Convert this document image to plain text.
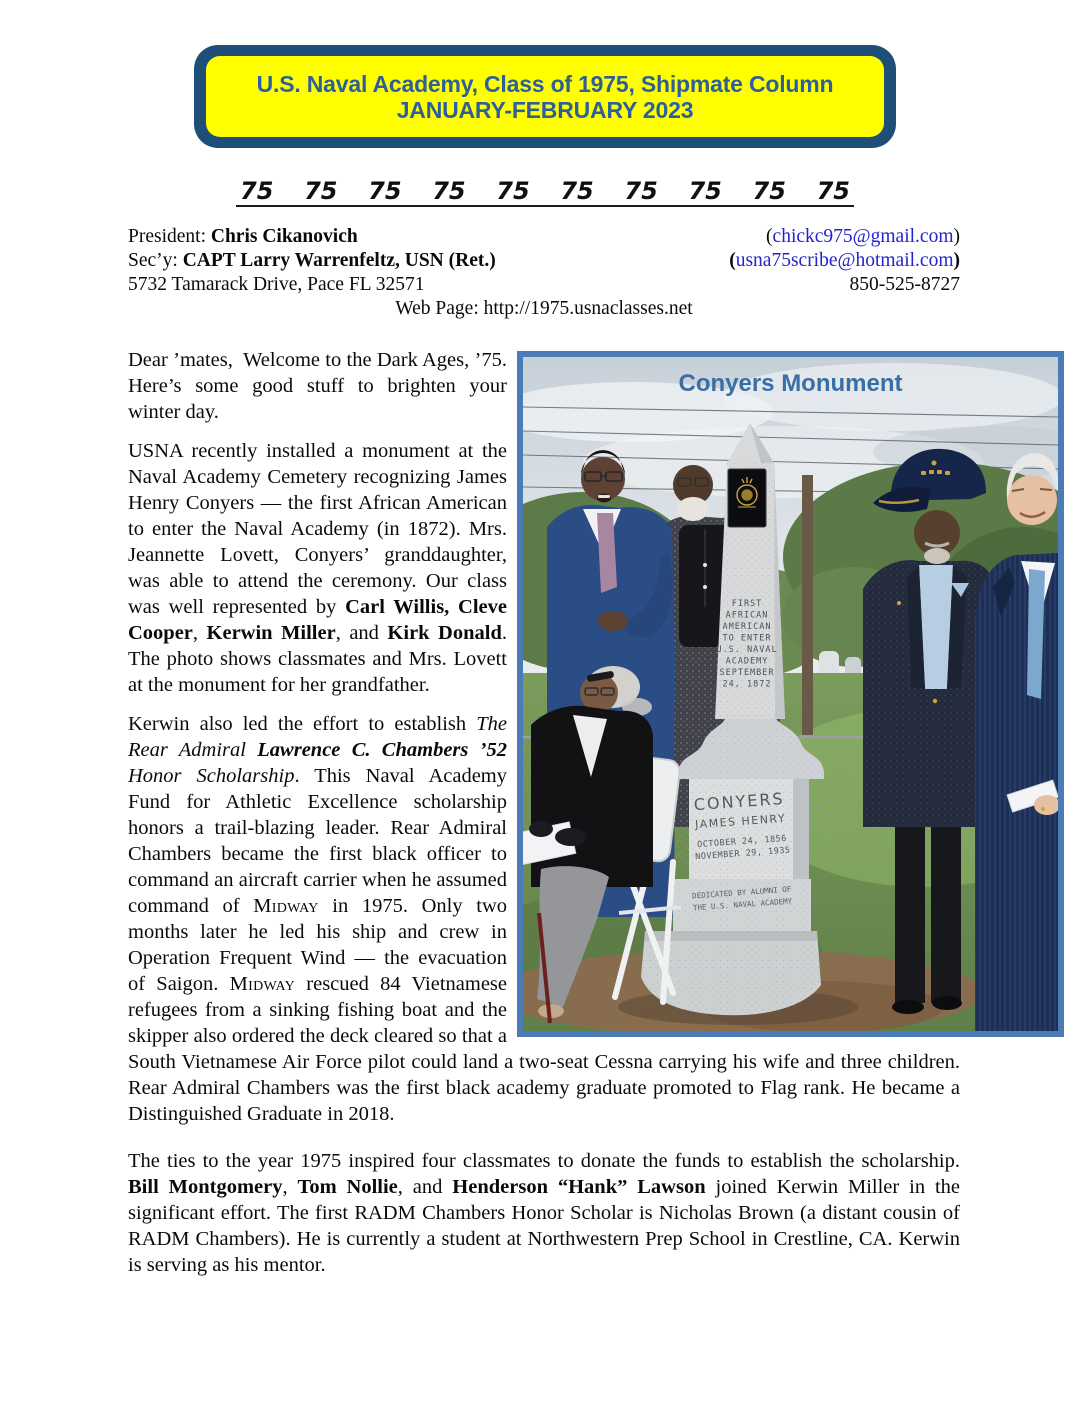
U.S. Naval Academy, Class of 1975, Shipmate Column
JANUARY-FEBRUARY 2023
75 75 75 75 75 75 75 75 75 75
President: Chris Cikanovich	(chickc975@gmail.com)
Sec’y: CAPT Larry Warrenfeltz, USN (Ret.)	(usna75scribe@hotmail.com)
5732 Tamarack Drive, Pace FL 32571	850-525-8727
Web Page: http://1975.usnaclasses.net
Conyers Monument
FIRST
AFRICAN
AMERICAN
TO ENTER
U.S. NAVAL
ACADEMY
SEPTEMBER
24, 1872
CONYERS
JAMES HENRY
OCTOBER 24, 1856
NOVEMBER 29, 1935
DEDICATED BY ALUMNI OF
THE U.S. NAVAL ACADEMY

Dear ’mates,  Welcome to the Dark Ages, ’75. Here’s some good stuff to brighten your winter day.

USNA recently installed a monument at the Naval Academy Cemetery recognizing James Henry Conyers — the first African American to enter the Naval Academy (in 1872). Mrs. Jeannette Lovett, Conyers’ granddaughter, was able to attend the ceremony. Our class was well represented by Carl Willis, Cleve Cooper, Kerwin Miller, and Kirk Donald. The photo shows classmates and Mrs. Lovett at the monument for her grandfather.

Kerwin also led the effort to establish The Rear Admiral Lawrence C. Chambers ’52 Honor Scholarship. This Naval Academy Fund for Athletic Excellence scholarship honors a trail-blazing leader. Rear Admiral Chambers became the first black officer to command an aircraft carrier when he assumed command of Midway in 1975. Only two months later he led his ship and crew in Operation Frequent Wind — the evacuation of Saigon. Midway rescued 84 Vietnamese refugees from a sinking fishing boat and the skipper also ordered the deck cleared so that a South Vietnamese Air Force pilot could land a two-seat Cessna carrying his wife and three children. Rear Admiral Chambers was the first black academy graduate promoted to Flag rank. He became a Distinguished Graduate in 2018.

The ties to the year 1975 inspired four classmates to donate the funds to establish the scholarship. Bill Montgomery, Tom Nollie, and Henderson “Hank” Lawson joined Kerwin Miller in the significant effort. The first RADM Chambers Honor Scholar is Nicholas Brown (a distant cousin of RADM Chambers). He is currently a student at Northwestern Prep School in Crestline, CA. Kerwin is serving as his mentor.
